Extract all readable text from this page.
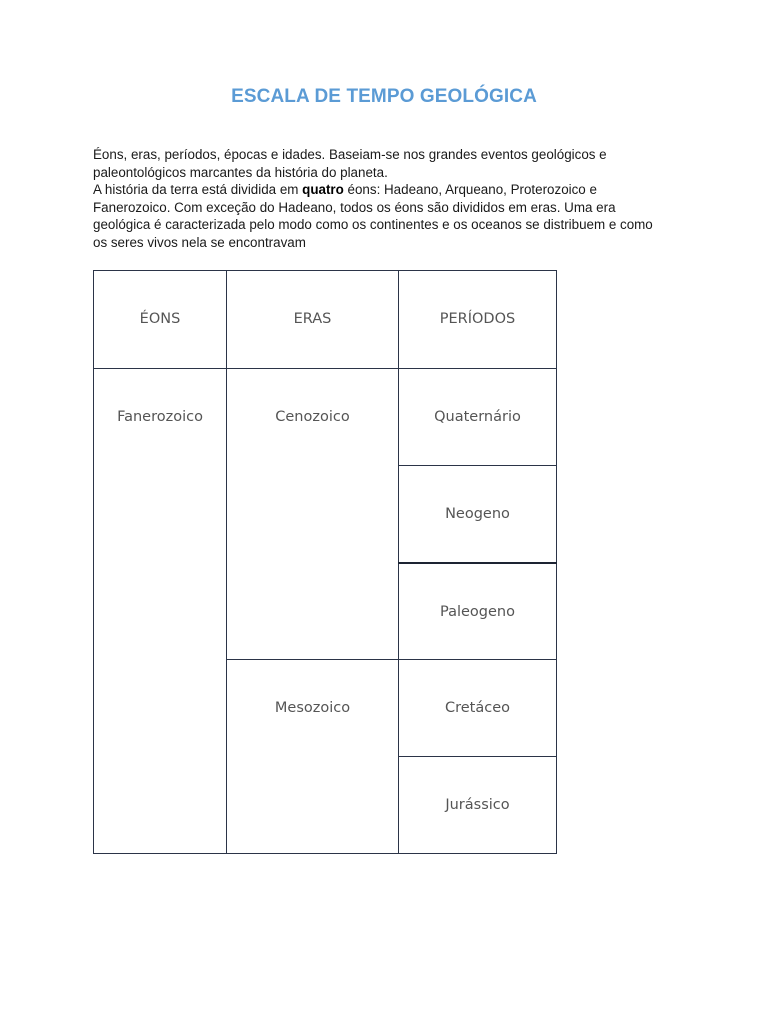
ESCALA DE TEMPO GEOLÓGICA

Éons, eras, períodos, épocas e idades. Baseiam-se nos grandes eventos geológicos e paleontológicos marcantes da história do planeta.

A história da terra está dividida em quatro éons: Hadeano, Arqueano, Proterozoico e Fanerozoico. Com exceção do Hadeano, todos os éons são divididos em eras. Uma era geológica é caracterizada pelo modo como os continentes e os oceanos se distribuem e como os seres vivos nela se encontravam

ÉONS	ERAS	PERÍODOS

Fanerozoico	Cenozoico	Quaternário

		Neogeno

		Paleogeno

	Mesozoico	Cretáceo

		Jurássico
